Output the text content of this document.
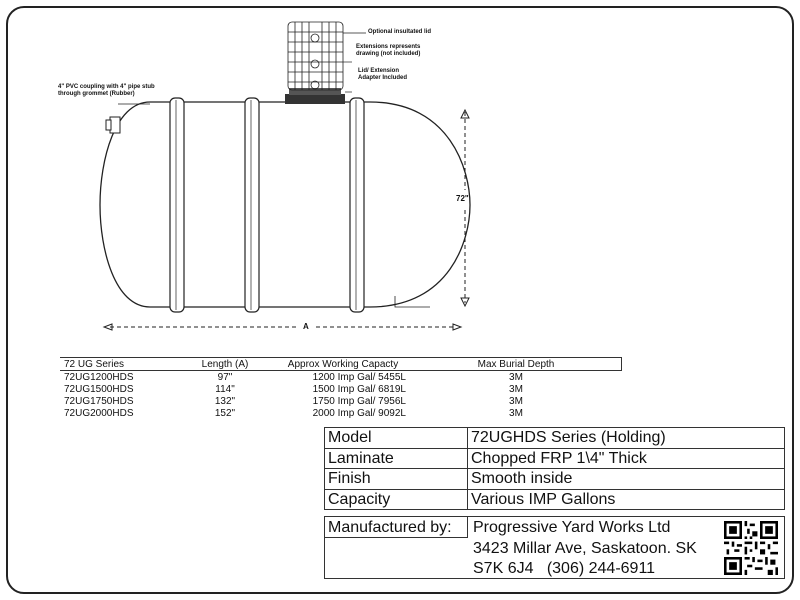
Optional insultated lid
Extensions represents
drawing (not included)
Lid/ Extension
Adapter Included
4" PVC coupling with 4" pipe stub
through grommet (Rubber)
72"
A
72 UG Series	Length (A)	Approx Working Capacty	Max Burial Depth
72UG1200HDS	97"	1200 Imp Gal/ 5455L	3M
72UG1500HDS	114"	1500 Imp Gal/ 6819L	3M
72UG1750HDS	132"	1750 Imp Gal/ 7956L	3M
72UG2000HDS	152"	2000 Imp Gal/ 9092L	3M
Model	72UGHDS Series (Holding)
Laminate	Chopped FRP 1\4" Thick
Finish	Smooth inside
Capacity	Various IMP Gallons
Manufactured by:	Progressive Yard Works Ltd
3423 Millar Ave, Saskatoon. SK
S7K 6J4   (306) 244-6911
